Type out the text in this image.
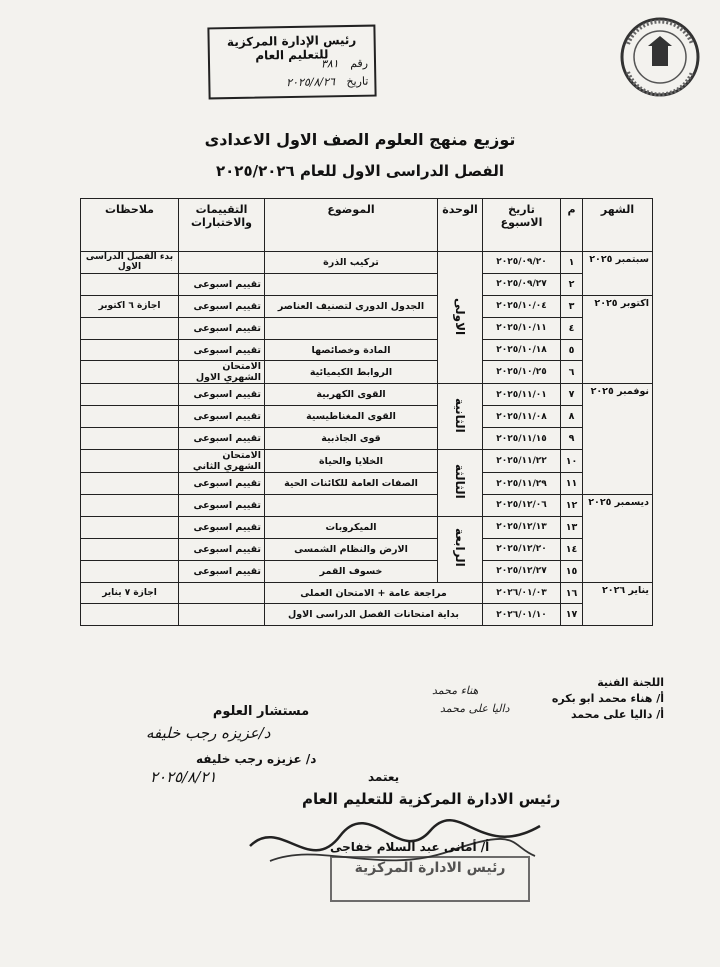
رئيس الإدارة المركزية للتعليم العام
رقم ٣٨١
تاريخ ٢٠٢٥/٨/٢٦
توزيع منهج العلوم الصف الاول الاعدادى
الفصل الدراسى الاول للعام ٢٠٢٥/٢٠٢٦
الشهر	م	تاريخ الاسبوع	الوحدة	الموضوع	التقييمات والاختبارات	ملاحظات
سبتمبر ٢٠٢٥	١	٢٠٢٥/٠٩/٢٠	الاولى	تركيب الذرة		بدء الفصل الدراسى الاول
	٢	٢٠٢٥/٠٩/٢٧			تقييم اسبوعى	
اكتوبر ٢٠٢٥	٣	٢٠٢٥/١٠/٠٤		الجدول الدورى لتصنيف العناصر	تقييم اسبوعى	اجازة ٦ اكتوبر
	٤	٢٠٢٥/١٠/١١			تقييم اسبوعى	
	٥	٢٠٢٥/١٠/١٨		المادة وخصائصها	تقييم اسبوعى	
	٦	٢٠٢٥/١٠/٢٥		الروابط الكيميائية	الامتحان الشهري الاول	
نوفمبر ٢٠٢٥	٧	٢٠٢٥/١١/٠١	الثانية	القوى الكهربية	تقييم اسبوعى	
	٨	٢٠٢٥/١١/٠٨		القوى المغناطيسية	تقييم اسبوعى	
	٩	٢٠٢٥/١١/١٥		قوى الجاذبية	تقييم اسبوعى	
	١٠	٢٠٢٥/١١/٢٢	الثالثة	الخلايا والحياة	الامتحان الشهري الثاني	
	١١	٢٠٢٥/١١/٢٩		الصفات العامة للكائنات الحية	تقييم اسبوعى	
ديسمبر ٢٠٢٥	١٢	٢٠٢٥/١٢/٠٦			تقييم اسبوعى	
	١٣	٢٠٢٥/١٢/١٣	الرابعة	الميكروبات	تقييم اسبوعى	
	١٤	٢٠٢٥/١٢/٢٠		الارض والنظام الشمسى	تقييم اسبوعى	
	١٥	٢٠٢٥/١٢/٢٧		خسوف القمر	تقييم اسبوعى	
يناير ٢٠٢٦	١٦	٢٠٢٦/٠١/٠٣	مراجعة عامة + الامتحان العملى			اجازة ٧ يناير
	١٧	٢٠٢٦/٠١/١٠	بداية امتحانات الفصل الدراسى الاول			
اللجنة الفنية
أ/ هناء محمد ابو بكره
أ/ داليا على محمد
هناء محمد
داليا على محمد
مستشار العلوم
د/عزيزه رجب خليفه
د/ عزيزه رجب خليفه
٢٠٢٥/٨/٢١	يعتمد
رئيس الادارة المركزية للتعليم العام
أ/ أمانى عبد السلام خفاجى
رئيس الادارة المركزية
